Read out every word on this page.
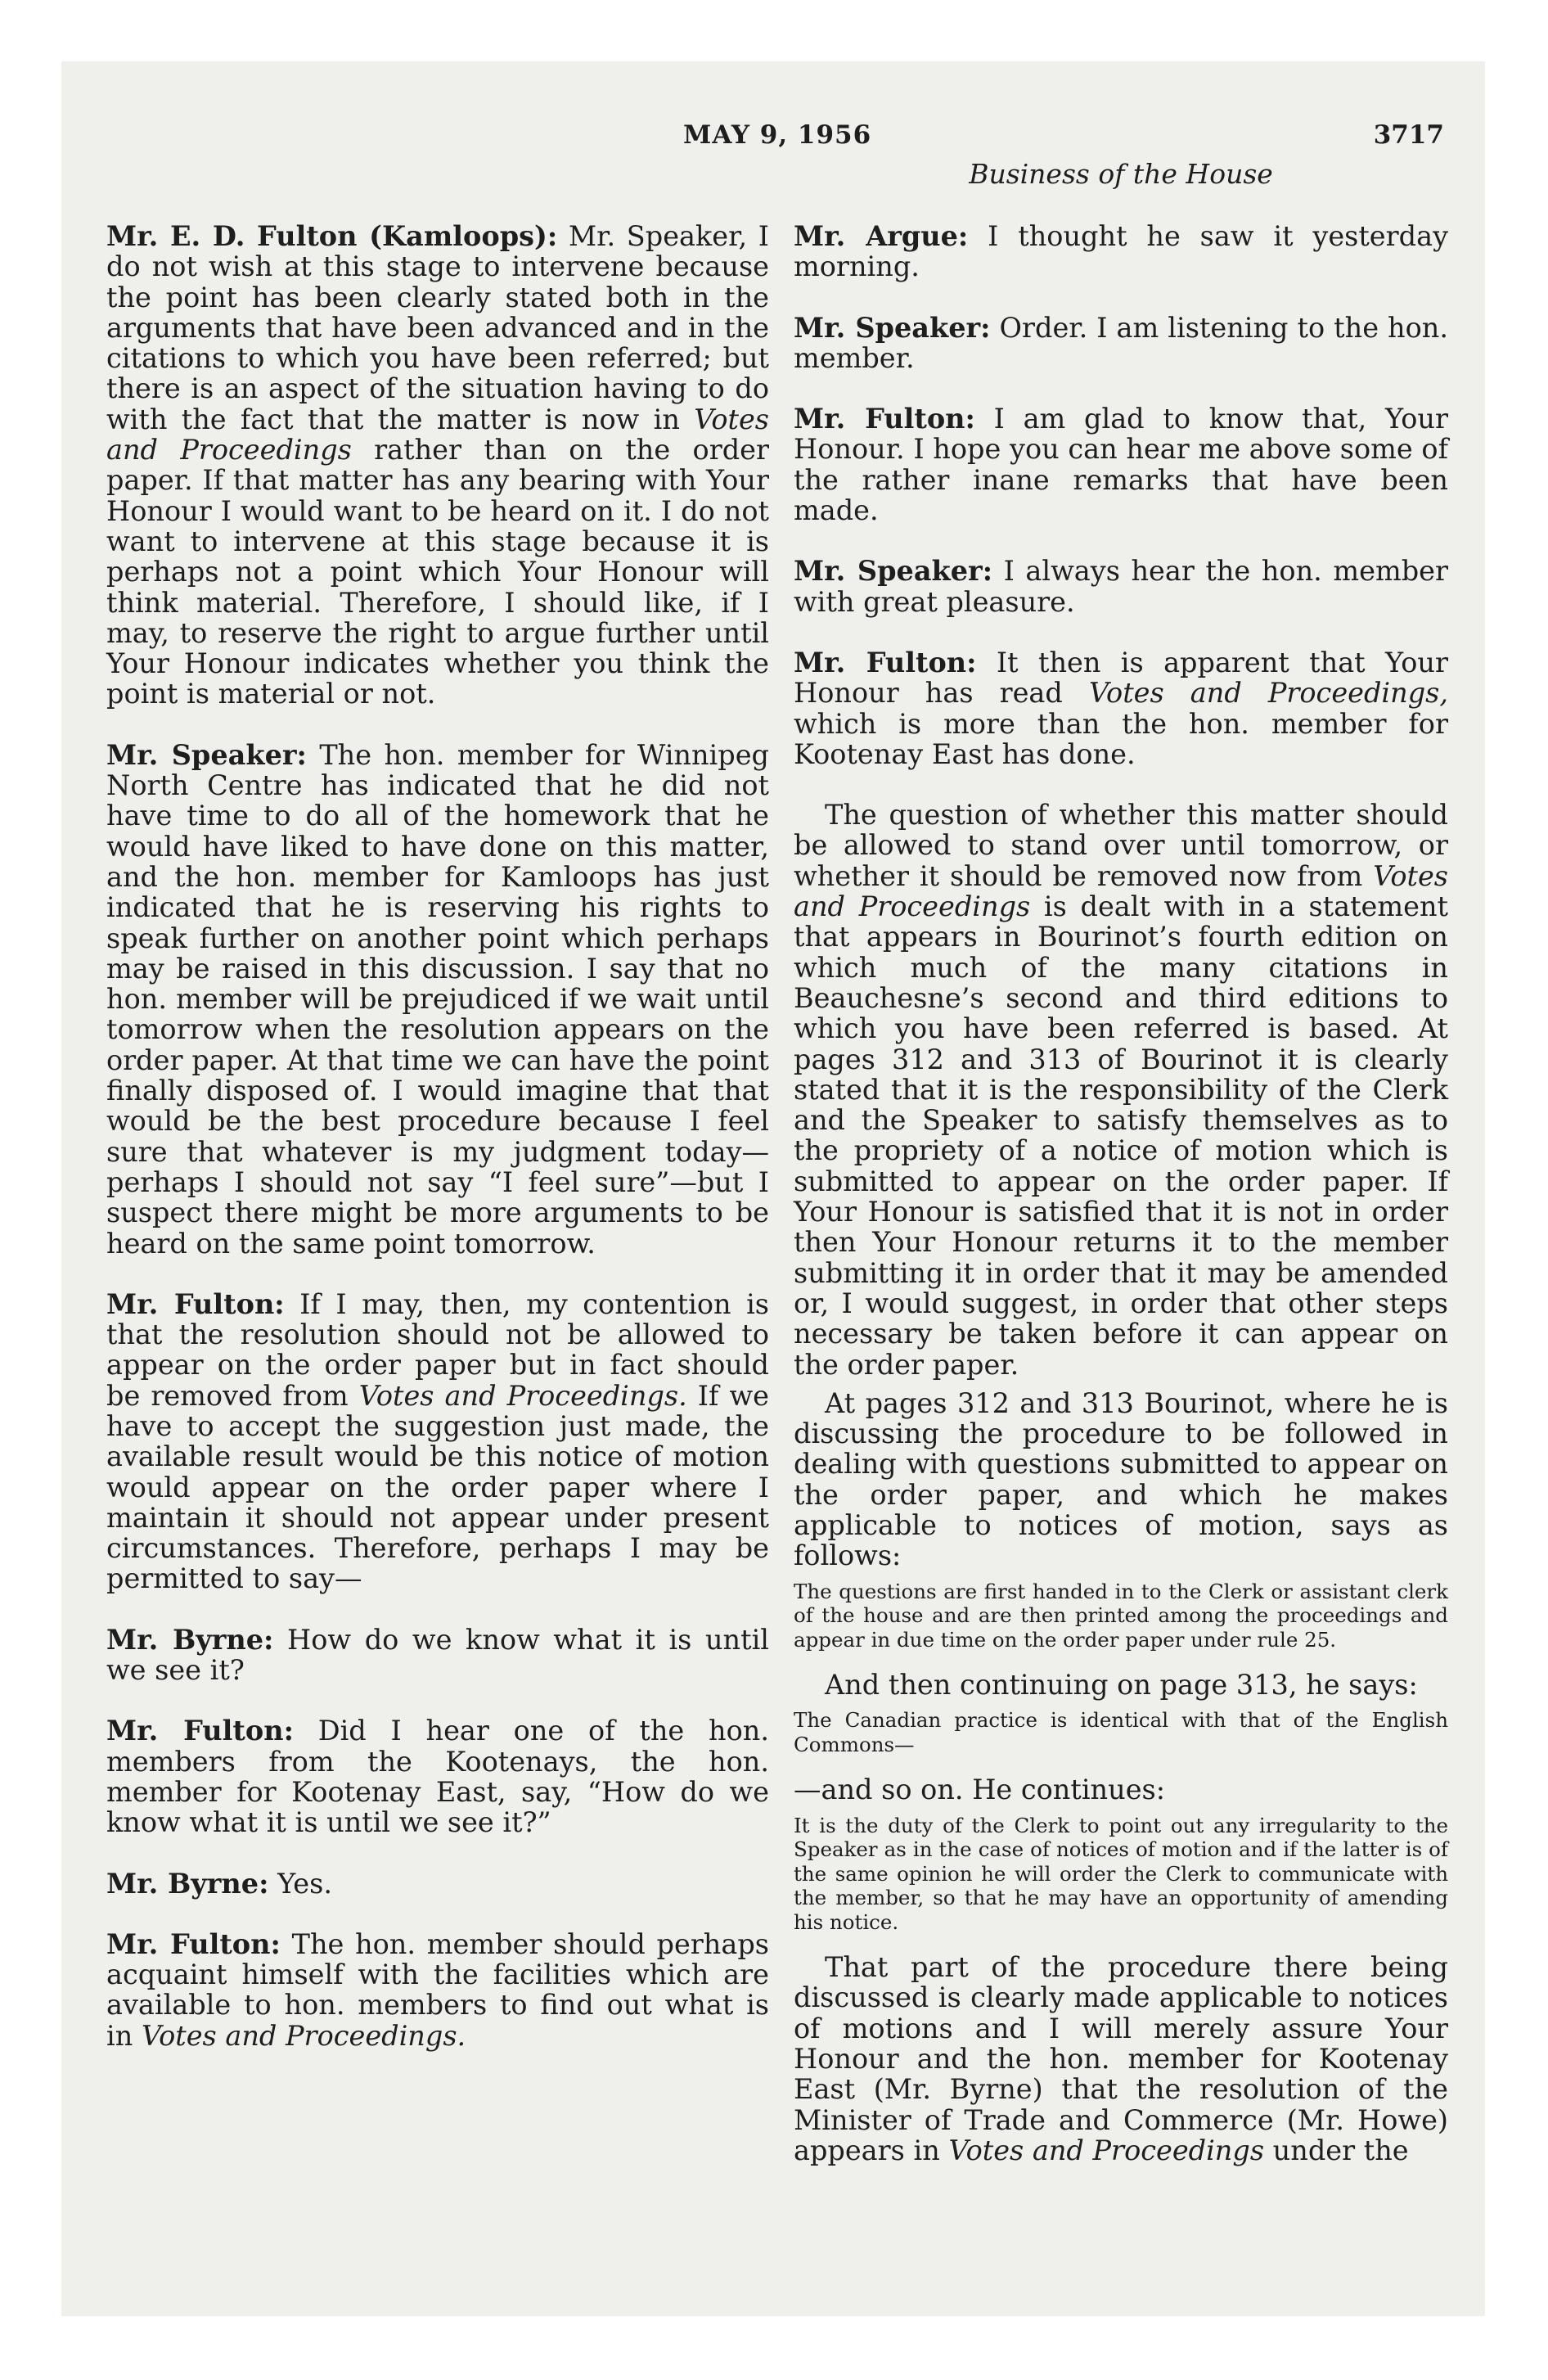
MAY 9, 1956	3717
Business of the House

Mr. E. D. Fulton (Kamloops): Mr. Speaker, I do not wish at this stage to intervene because the point has been clearly stated both in the arguments that have been advanced and in the citations to which you have been referred; but there is an aspect of the situation having to do with the fact that the matter is now in Votes and Proceedings rather than on the order paper. If that matter has any bearing with Your Honour I would want to be heard on it. I do not want to intervene at this stage because it is perhaps not a point which Your Honour will think material. Therefore, I should like, if I may, to reserve the right to argue further until Your Honour indicates whether you think the point is material or not.

Mr. Speaker: The hon. member for Winnipeg North Centre has indicated that he did not have time to do all of the homework that he would have liked to have done on this matter, and the hon. member for Kamloops has just indicated that he is reserving his rights to speak further on another point which perhaps may be raised in this discussion. I say that no hon. member will be prejudiced if we wait until tomorrow when the resolution appears on the order paper. At that time we can have the point finally disposed of. I would imagine that that would be the best procedure because I feel sure that whatever is my judgment today—perhaps I should not say “I feel sure”—but I suspect there might be more arguments to be heard on the same point tomorrow.

Mr. Fulton: If I may, then, my contention is that the resolution should not be allowed to appear on the order paper but in fact should be removed from Votes and Proceedings. If we have to accept the suggestion just made, the available result would be this notice of motion would appear on the order paper where I maintain it should not appear under present circumstances. Therefore, perhaps I may be permitted to say—

Mr. Byrne: How do we know what it is until we see it?

Mr. Fulton: Did I hear one of the hon. members from the Kootenays, the hon. member for Kootenay East, say, “How do we know what it is until we see it?”

Mr. Byrne: Yes.

Mr. Fulton: The hon. member should perhaps acquaint himself with the facilities which are available to hon. members to find out what is in Votes and Proceedings.

Mr. Argue: I thought he saw it yesterday morning.

Mr. Speaker: Order. I am listening to the hon. member.

Mr. Fulton: I am glad to know that, Your Honour. I hope you can hear me above some of the rather inane remarks that have been made.

Mr. Speaker: I always hear the hon. member with great pleasure.

Mr. Fulton: It then is apparent that Your Honour has read Votes and Proceedings, which is more than the hon. member for Kootenay East has done.

The question of whether this matter should be allowed to stand over until tomorrow, or whether it should be removed now from Votes and Proceedings is dealt with in a statement that appears in Bourinot’s fourth edition on which much of the many citations in Beauchesne’s second and third editions to which you have been referred is based. At pages 312 and 313 of Bourinot it is clearly stated that it is the responsibility of the Clerk and the Speaker to satisfy themselves as to the propriety of a notice of motion which is submitted to appear on the order paper. If Your Honour is satisfied that it is not in order then Your Honour returns it to the member submitting it in order that it may be amended or, I would suggest, in order that other steps necessary be taken before it can appear on the order paper.

At pages 312 and 313 Bourinot, where he is discussing the procedure to be followed in dealing with questions submitted to appear on the order paper, and which he makes applicable to notices of motion, says as follows:

The questions are first handed in to the Clerk or assistant clerk of the house and are then printed among the proceedings and appear in due time on the order paper under rule 25.

And then continuing on page 313, he says:

The Canadian practice is identical with that of the English Commons—

—and so on. He continues:

It is the duty of the Clerk to point out any irregularity to the Speaker as in the case of notices of motion and if the latter is of the same opinion he will order the Clerk to communicate with the member, so that he may have an opportunity of amending his notice.

That part of the procedure there being discussed is clearly made applicable to notices of motions and I will merely assure Your Honour and the hon. member for Kootenay East (Mr. Byrne) that the resolution of the Minister of Trade and Commerce (Mr. Howe) appears in Votes and Proceedings under the
